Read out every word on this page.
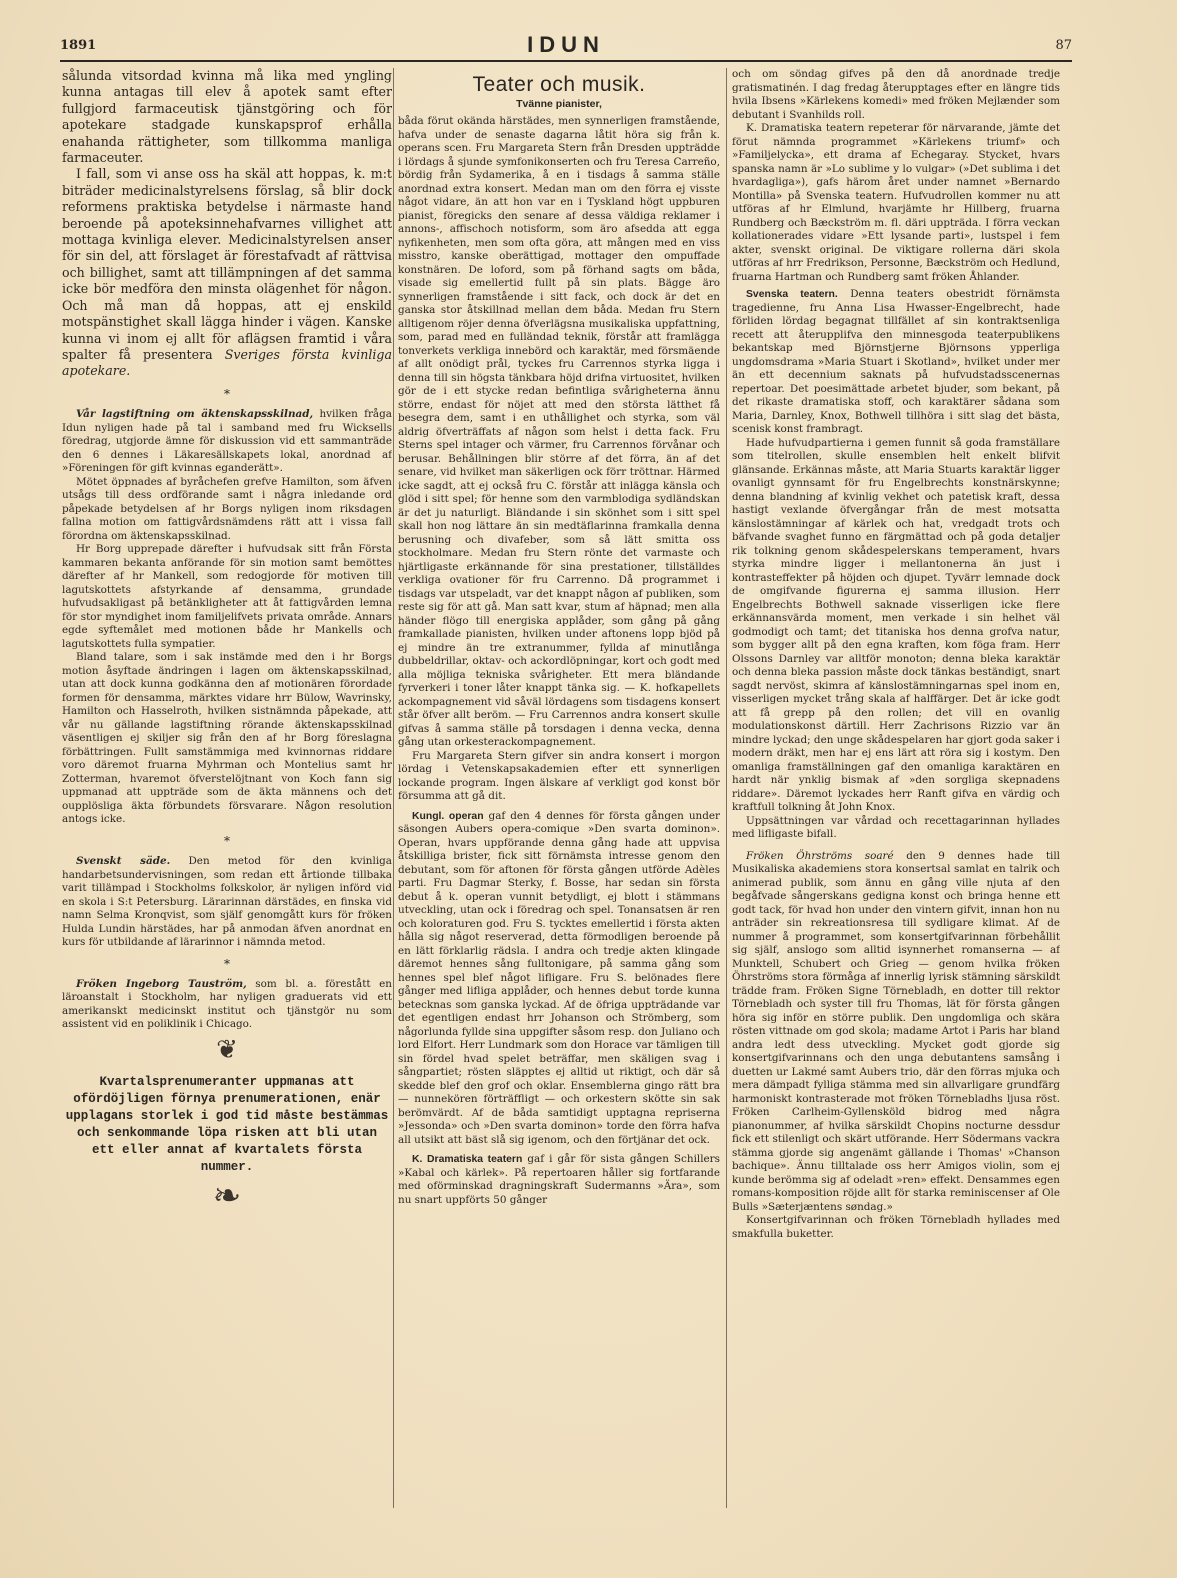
1891	IDUN	87

sålunda vitsordad kvinna må lika med yngling kunna antagas till elev å apotek samt efter fullgjord farmaceutisk tjänstgöring och för apotekare stadgade kunskapsprof erhålla enahanda rättigheter, som tillkomma manliga farmaceuter.

I fall, som vi anse oss ha skäl att hoppas, k. m:t biträder medicinalstyrelsens förslag, så blir dock reformens praktiska betydelse i närmaste hand beroende på apoteksinnehafvarnes villighet att mottaga kvinliga elever. Medicinalstyrelsen anser för sin del, att förslaget är förestafvadt af rättvisa och billighet, samt att tillämpningen af det samma icke bör medföra den minsta olägenhet för någon. Och må man då hoppas, att ej enskild motspänstighet skall lägga hinder i vägen. Kanske kunna vi inom ej allt för aflägsen framtid i våra spalter få presentera Sveriges första kvinliga apotekare.

*

Vår lagstiftning om äktenskapsskilnad, hvilken fråga Idun nyligen hade på tal i samband med fru Wicksells föredrag, utgjorde ämne för diskussion vid ett sammanträde den 6 dennes i Läkaresällskapets lokal, anordnad af »Föreningen för gift kvinnas eganderätt».

Mötet öppnades af byråchefen grefve Hamilton, som äfven utsågs till dess ordförande samt i några inledande ord påpekade betydelsen af hr Borgs nyligen inom riksdagen fallna motion om fattigvårdsnämdens rätt att i vissa fall förordna om äktenskapsskilnad.

Hr Borg upprepade därefter i hufvudsak sitt från Första kammaren bekanta anförande för sin motion samt bemöttes därefter af hr Mankell, som redogjorde för motiven till lagutskottets afstyrkande af densamma, grundade hufvudsakligast på betänkligheter att åt fattigvården lemna för stor myndighet inom familjelifvets privata område. Annars egde syftemålet med motionen både hr Mankells och lagutskottets fulla sympatier.

Bland talare, som i sak instämde med den i hr Borgs motion åsyftade ändringen i lagen om äktenskapsskilnad, utan att dock kunna godkänna den af motionären förordade formen för densamma, märktes vidare hrr Bülow, Wavrinsky, Hamilton och Hasselroth, hvilken sistnämnda påpekade, att vår nu gällande lagstiftning rörande äktenskapsskilnad väsentligen ej skiljer sig från den af hr Borg föreslagna förbättringen. Fullt samstämmiga med kvinnornas riddare voro däremot fruarna Myhrman och Montelius samt hr Zotterman, hvaremot öfverstelöjtnant von Koch fann sig uppmanad att uppträde som de äkta männens och det oupplösliga äkta förbundets försvarare. Någon resolution antogs icke.

*

Svenskt säde. Den metod för den kvinliga handarbetsundervisningen, som redan ett årtionde tillbaka varit tillämpad i Stockholms folkskolor, är nyligen införd vid en skola i S:t Petersburg. Lärarinnan därstädes, en finska vid namn Selma Kronqvist, som själf genomgått kurs för fröken Hulda Lundin härstädes, har på anmodan äfven anordnat en kurs för utbildande af lärarinnor i nämnda metod.

*

Fröken Ingeborg Tauström, som bl. a. förestått en läroanstalt i Stockholm, har nyligen graduerats vid ett amerikanskt medicinskt institut och tjänstgör nu som assistent vid en poliklinik i Chicago.

❦

Kvartalsprenumeranter uppmanas att ofördöjligen förnya prenumerationen, enär upplagans storlek i god tid måste bestämmas och senkommande löpa risken att bli utan ett eller annat af kvartalets första nummer.

❧
Teater och musik.
Tvänne pianister,

båda förut okända härstädes, men synnerligen framstående, hafva under de senaste dagarna låtit höra sig från k. operans scen. Fru Margareta Stern från Dresden uppträdde i lördags å sjunde symfonikonserten och fru Teresa Carreño, bördig från Sydamerika, å en i tisdags å samma ställe anordnad extra konsert. Medan man om den förra ej visste något vidare, än att hon var en i Tyskland högt uppburen pianist, föregicks den senare af dessa väldiga reklamer i annons-, affischoch notisform, som äro afsedda att egga nyfikenheten, men som ofta göra, att mången med en viss misstro, kanske oberättigad, mottager den ompuffade konstnären. De loford, som på förhand sagts om båda, visade sig emellertid fullt på sin plats. Bägge äro synnerligen framstående i sitt fack, och dock är det en ganska stor åtskillnad mellan dem båda. Medan fru Stern alltigenom röjer denna öfverlägsna musikaliska uppfattning, som, parad med en fulländad teknik, förstår att framlägga tonverkets verkliga innebörd och karaktär, med försmäende af allt onödigt prål, tyckes fru Carrennos styrka ligga i denna till sin högsta tänkbara höjd drifna virtuositet, hvilken gör de i ett stycke redan befintliga svårigheterna ännu större, endast för nöjet att med den största lätthet få besegra dem, samt i en uthållighet och styrka, som väl aldrig öfverträffats af någon som helst i detta fack. Fru Sterns spel intager och värmer, fru Carrennos förvånar och berusar. Behållningen blir större af det förra, än af det senare, vid hvilket man säkerligen ock förr tröttnar. Härmed icke sagdt, att ej också fru C. förstår att inlägga känsla och glöd i sitt spel; för henne som den varmblodiga sydländskan är det ju naturligt. Bländande i sin skönhet som i sitt spel skall hon nog lättare än sin medtäflarinna framkalla denna berusning och divafeber, som så lätt smitta oss stockholmare. Medan fru Stern rönte det varmaste och hjärtligaste erkännande för sina prestationer, tillställdes verkliga ovationer för fru Carrenno. Då programmet i tisdags var utspeladt, var det knappt någon af publiken, som reste sig för att gå. Man satt kvar, stum af häpnad; men alla händer flögo till energiska applåder, som gång på gång framkallade pianisten, hvilken under aftonens lopp bjöd på ej mindre än tre extranummer, fyllda af minutlånga dubbeldrillar, oktav- och ackordlöpningar, kort och godt med alla möjliga tekniska svårigheter. Ett mera bländande fyrverkeri i toner låter knappt tänka sig. — K. hofkapellets ackompagnement vid såväl lördagens som tisdagens konsert står öfver allt beröm. — Fru Carrennos andra konsert skulle gifvas å samma ställe på torsdagen i denna vecka, denna gång utan orkesterackompagnement.

Fru Margareta Stern gifver sin andra konsert i morgon lördag i Vetenskapsakademien efter ett synnerligen lockande program. Ingen älskare af verkligt god konst bör försumma att gå dit.

Kungl. operan gaf den 4 dennes för första gången under säsongen Aubers opera-comique »Den svarta dominon». Operan, hvars uppförande denna gång hade att uppvisa åtskilliga brister, fick sitt förnämsta intresse genom den debutant, som för aftonen för första gången utförde Adèles parti. Fru Dagmar Sterky, f. Bosse, har sedan sin första debut å k. operan vunnit betydligt, ej blott i stämmans utveckling, utan ock i föredrag och spel. Tonansatsen är ren och koloraturen god. Fru S. tycktes emellertid i första akten hålla sig något reserverad, detta förmodligen beroende på en lätt förklarlig rädsla. I andra och tredje akten klingade däremot hennes sång fulltonigare, på samma gång som hennes spel blef något lifligare. Fru S. belönades flere gånger med lifliga applåder, och hennes debut torde kunna betecknas som ganska lyckad. Af de öfriga uppträdande var det egentligen endast hrr Johanson och Strömberg, som någorlunda fyllde sina uppgifter såsom resp. don Juliano och lord Elfort. Herr Lundmark som don Horace var tämligen till sin fördel hvad spelet beträffar, men skäligen svag i sångpartiet; rösten släpptes ej alltid ut riktigt, och där så skedde blef den grof och oklar. Ensemblerna gingo rätt bra — nunnekören förträffligt — och orkestern skötte sin sak berömvärdt. Af de båda samtidigt upptagna repriserna »Jessonda» och »Den svarta dominon» torde den förra hafva all utsikt att bäst slå sig igenom, och den förtjänar det ock.

K. Dramatiska teatern gaf i går för sista gången Schillers »Kabal och kärlek». På repertoaren håller sig fortfarande med oförminskad dragningskraft Sudermanns »Ära», som nu snart uppförts 50 gånger

och om söndag gifves på den då anordnade tredje gratismatinén. I dag fredag återupptages efter en längre tids hvila Ibsens »Kärlekens komedi» med fröken Mejlænder som debutant i Svanhilds roll.

K. Dramatiska teatern repeterar för närvarande, jämte det förut nämnda programmet »Kärlekens triumf» och »Familjelycka», ett drama af Echegaray. Stycket, hvars spanska namn är »Lo sublime y lo vulgar» (»Det sublima i det hvardagliga»), gafs härom året under namnet »Bernardo Montilla» på Svenska teatern. Hufvudrollen kommer nu att utföras af hr Elmlund, hvarjämte hr Hillberg, fruarna Rundberg och Bæckström m. fl. däri uppträda. I förra veckan kollationerades vidare »Ett lysande parti», lustspel i fem akter, svenskt original. De viktigare rollerna däri skola utföras af hrr Fredrikson, Personne, Bæckström och Hedlund, fruarna Hartman och Rundberg samt fröken Åhlander.

Svenska teatern. Denna teaters obestridt förnämsta tragedienne, fru Anna Lisa Hwasser-Engelbrecht, hade förliden lördag begagnat tillfället af sin kontraktsenliga recett att återupplifva den minnesgoda teaterpublikens bekantskap med Björnstjerne Björnsons ypperliga ungdomsdrama »Maria Stuart i Skotland», hvilket under mer än ett decennium saknats på hufvudstadsscenernas repertoar. Det poesimättade arbetet bjuder, som bekant, på det rikaste dramatiska stoff, och karaktärer sådana som Maria, Darnley, Knox, Bothwell tillhöra i sitt slag det bästa, scenisk konst frambragt.

Hade hufvudpartierna i gemen funnit så goda framställare som titelrollen, skulle ensemblen helt enkelt blifvit glänsande. Erkännas måste, att Maria Stuarts karaktär ligger ovanligt gynnsamt för fru Engelbrechts konstnärskynne; denna blandning af kvinlig vekhet och patetisk kraft, dessa hastigt vexlande öfvergångar från de mest motsatta känslostämningar af kärlek och hat, vredgadt trots och bäfvande svaghet funno en färgmättad och på goda detaljer rik tolkning genom skådespelerskans temperament, hvars styrka mindre ligger i mellantonerna än just i kontrasteffekter på höjden och djupet. Tyvärr lemnade dock de omgifvande figurerna ej samma illusion. Herr Engelbrechts Bothwell saknade visserligen icke flere erkännansvärda moment, men verkade i sin helhet väl godmodigt och tamt; det titaniska hos denna grofva natur, som bygger allt på den egna kraften, kom föga fram. Herr Olssons Darnley var alltför monoton; denna bleka karaktär och denna bleka passion måste dock tänkas beständigt, snart sagdt nervöst, skimra af känslostämningarnas spel inom en, visserligen mycket trång skala af halffärger. Det är icke godt att få grepp på den rollen; det vill en ovanlig modulationskonst därtill. Herr Zachrisons Rizzio var än mindre lyckad; den unge skådespelaren har gjort goda saker i modern dräkt, men har ej ens lärt att röra sig i kostym. Den omanliga framställningen gaf den omanliga karaktären en hardt när ynklig bismak af »den sorgliga skepnadens riddare». Däremot lyckades herr Ranft gifva en värdig och kraftfull tolkning åt John Knox.

Uppsättningen var vårdad och recettagarinnan hyllades med lifligaste bifall.

Fröken Öhrströms soaré den 9 dennes hade till Musikaliska akademiens stora konsertsal samlat en talrik och animerad publik, som ännu en gång ville njuta af den begåfvade sångerskans gedigna konst och bringa henne ett godt tack, för hvad hon under den vintern gifvit, innan hon nu anträder sin rekreationsresa till sydligare klimat. Af de nummer å programmet, som konsertgifvarinnan förbehållit sig själf, anslogo som alltid isynnerhet romanserna — af Munktell, Schubert och Grieg — genom hvilka fröken Öhrströms stora förmåga af innerlig lyrisk stämning särskildt trädde fram. Fröken Signe Törnebladh, en dotter till rektor Törnebladh och syster till fru Thomas, lät för första gången höra sig inför en större publik. Den ungdomliga och skära rösten vittnade om god skola; madame Artot i Paris har bland andra ledt dess utveckling. Mycket godt gjorde sig konsertgifvarinnans och den unga debutantens samsång i duetten ur Lakmé samt Aubers trio, där den förras mjuka och mera dämpadt fylliga stämma med sin allvarligare grundfärg harmoniskt kontrasterade mot fröken Törnebladhs ljusa röst. Fröken Carlheim-Gyllensköld bidrog med några pianonummer, af hvilka särskildt Chopins nocturne dessdur fick ett stilenligt och skärt utförande. Herr Södermans vackra stämma gjorde sig angenämt gällande i Thomas' »Chanson bachique». Ännu tilltalade oss herr Amigos violin, som ej kunde berömma sig af odeladt »ren» effekt. Densammes egen romans-komposition röjde allt för starka reminiscenser af Ole Bulls »Sæterjæntens søndag.»

Konsertgifvarinnan och fröken Törnebladh hyllades med smakfulla buketter.
